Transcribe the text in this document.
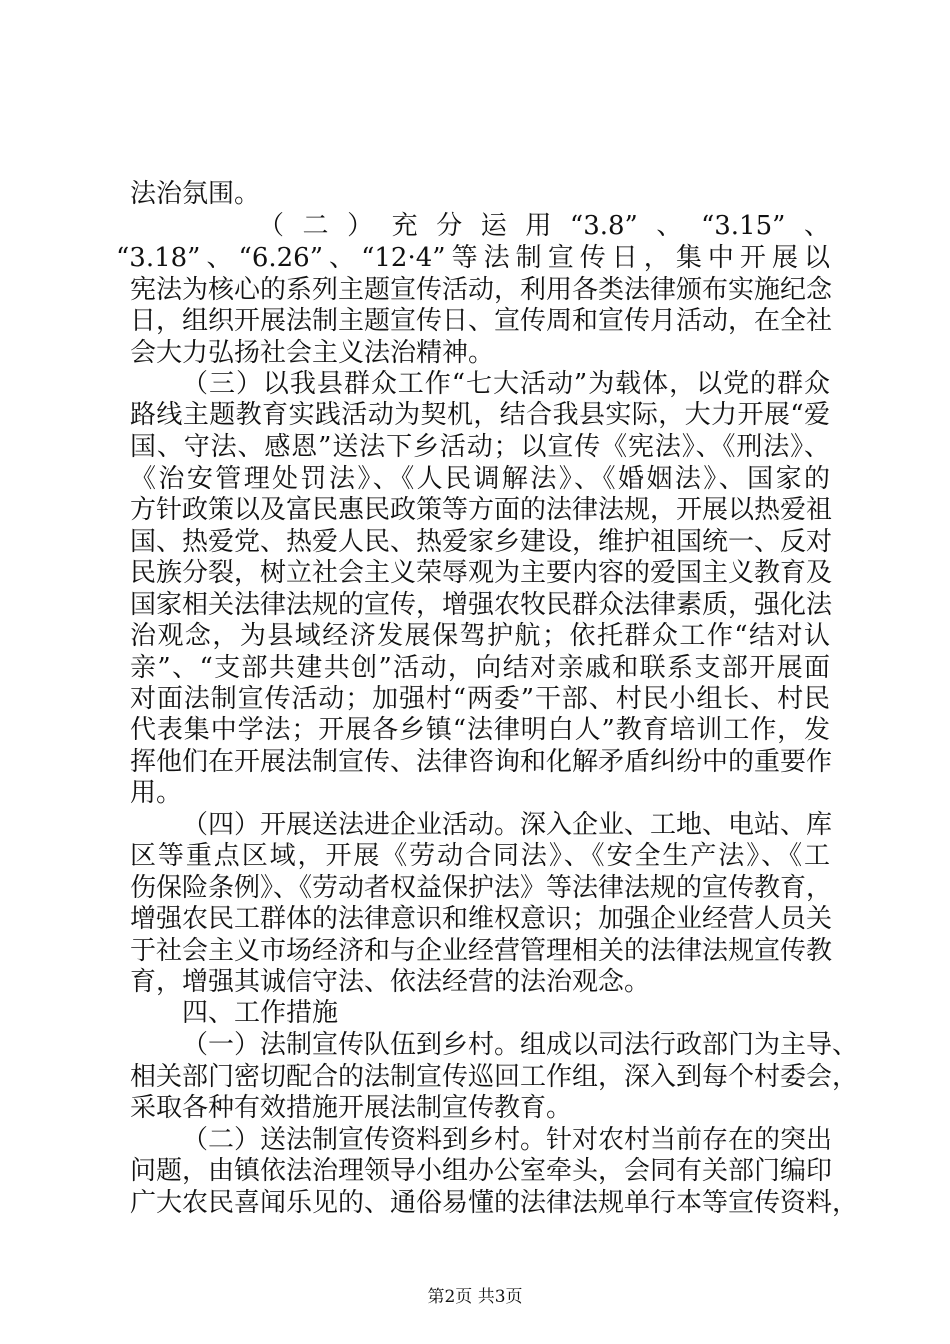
法治氛围。
（二）充分运用“3.8”、“3.15”、
“3.18”、“6.26”、“12·4”等法制宣传日，集中开展以
宪法为核心的系列主题宣传活动，利用各类法律颁布实施纪念
日，组织开展法制主题宣传日、宣传周和宣传月活动，在全社
会大力弘扬社会主义法治精神。
（三）以我县群众工作“七大活动”为载体，以党的群众
路线主题教育实践活动为契机，结合我县实际，大力开展“爱
国、守法、感恩”送法下乡活动；以宣传《宪法》、《刑法》、
《治安管理处罚法》、《人民调解法》、《婚姻法》、国家的
方针政策以及富民惠民政策等方面的法律法规，开展以热爱祖
国、热爱党、热爱人民、热爱家乡建设，维护祖国统一、反对
民族分裂，树立社会主义荣辱观为主要内容的爱国主义教育及
国家相关法律法规的宣传，增强农牧民群众法律素质，强化法
治观念，为县域经济发展保驾护航；依托群众工作“结对认
亲”、“支部共建共创”活动，向结对亲戚和联系支部开展面
对面法制宣传活动；加强村“两委”干部、村民小组长、村民
代表集中学法；开展各乡镇“法律明白人”教育培训工作，发
挥他们在开展法制宣传、法律咨询和化解矛盾纠纷中的重要作
用。
（四）开展送法进企业活动。深入企业、工地、电站、库
区等重点区域，开展《劳动合同法》、《安全生产法》、《工
伤保险条例》、《劳动者权益保护法》等法律法规的宣传教育，
增强农民工群体的法律意识和维权意识；加强企业经营人员关
于社会主义市场经济和与企业经营管理相关的法律法规宣传教
育，增强其诚信守法、依法经营的法治观念。
四、工作措施
（一）法制宣传队伍到乡村。组成以司法行政部门为主导、
相关部门密切配合的法制宣传巡回工作组，深入到每个村委会，
采取各种有效措施开展法制宣传教育。
（二）送法制宣传资料到乡村。针对农村当前存在的突出
问题，由镇依法治理领导小组办公室牵头，会同有关部门编印
广大农民喜闻乐见的、通俗易懂的法律法规单行本等宣传资料，
第2页 共3页
